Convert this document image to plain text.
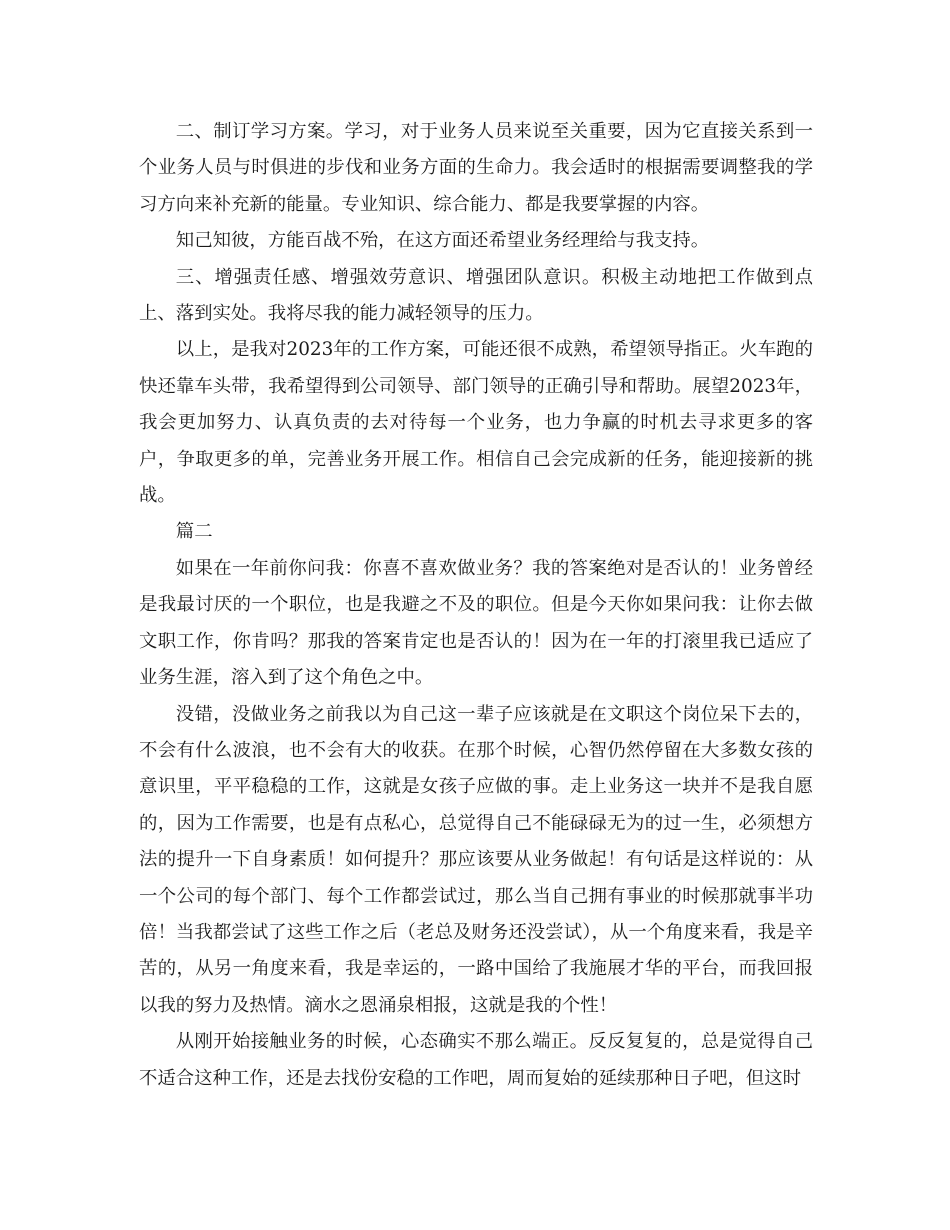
二、制订学习方案。学习，对于业务人员来说至关重要，因为它直接关系到一个业务人员与时俱进的步伐和业务方面的生命力。我会适时的根据需要调整我的学习方向来补充新的能量。专业知识、综合能力、都是我要掌握的内容。

知己知彼，方能百战不殆，在这方面还希望业务经理给与我支持。

三、增强责任感、增强效劳意识、增强团队意识。积极主动地把工作做到点上、落到实处。我将尽我的能力减轻领导的压力。

以上，是我对2023年的工作方案，可能还很不成熟，希望领导指正。火车跑的快还靠车头带，我希望得到公司领导、部门领导的正确引导和帮助。展望2023年，我会更加努力、认真负责的去对待每一个业务，也力争赢的时机去寻求更多的客户，争取更多的单，完善业务开展工作。相信自己会完成新的任务，能迎接新的挑战。

篇二

如果在一年前你问我：你喜不喜欢做业务？我的答案绝对是否认的！业务曾经是我最讨厌的一个职位，也是我避之不及的职位。但是今天你如果问我：让你去做文职工作，你肯吗？那我的答案肯定也是否认的！因为在一年的打滚里我已适应了业务生涯，溶入到了这个角色之中。

没错，没做业务之前我以为自己这一辈子应该就是在文职这个岗位呆下去的，不会有什么波浪，也不会有大的收获。在那个时候，心智仍然停留在大多数女孩的意识里，平平稳稳的工作，这就是女孩子应做的事。走上业务这一块并不是我自愿的，因为工作需要，也是有点私心，总觉得自己不能碌碌无为的过一生，必须想方法的提升一下自身素质！如何提升？那应该要从业务做起！有句话是这样说的：从一个公司的每个部门、每个工作都尝试过，那么当自己拥有事业的时候那就事半功倍！当我都尝试了这些工作之后（老总及财务还没尝试），从一个角度来看，我是辛苦的，从另一角度来看，我是幸运的，一路中国给了我施展才华的平台，而我回报以我的努力及热情。滴水之恩涌泉相报，这就是我的个性！

从刚开始接触业务的时候，心态确实不那么端正。反反复复的，总是觉得自己不适合这种工作，还是去找份安稳的工作吧，周而复始的延续那种日子吧，但这时
